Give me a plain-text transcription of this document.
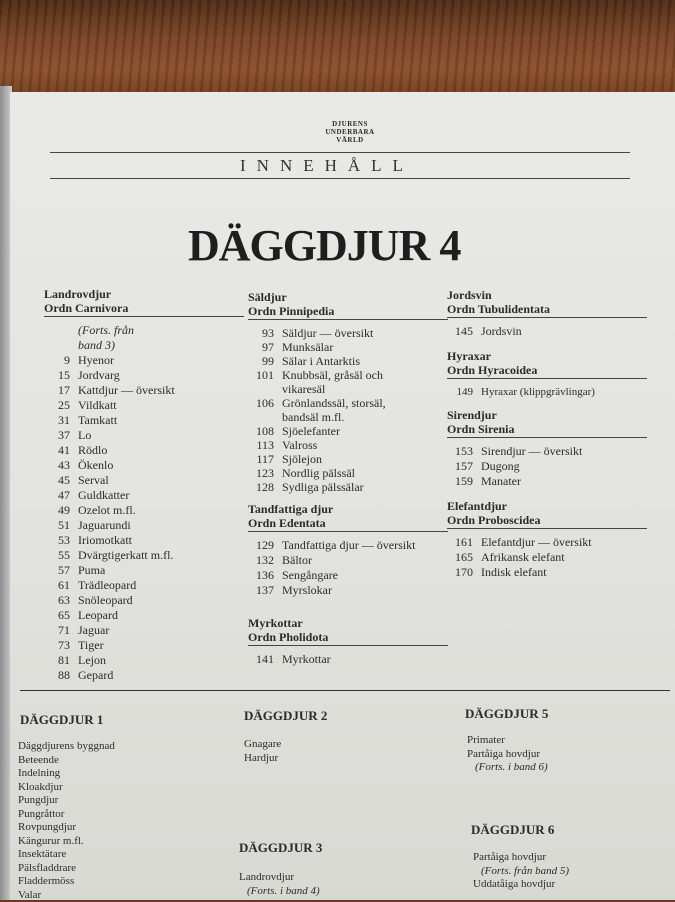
DJURENS
UNDERBARA
VÄRLD
INNEHÅLL
DÄGGDJUR 4
Landrovdjur
Ordn Carnivora
(Forts. från
band 3)
9 Hyenor
15 Jordvarg
17 Kattdjur — översikt
25 Vildkatt
31 Tamkatt
37 Lo
41 Rödlo
43 Ökenlo
45 Serval
47 Guldkatter
49 Ozelot m.fl.
51 Jaguarundi
53 Iriomotkatt
55 Dvärgtigerkatt m.fl.
57 Puma
61 Trädleopard
63 Snöleopard
65 Leopard
71 Jaguar
73 Tiger
81 Lejon
88 Gepard
Säldjur
Ordn Pinnipedia
93 Säldjur — översikt
97 Munksälar
99 Sälar i Antarktis
101 Knubbsäl, gråsäl och
vikaresäl
106 Grönlandssäl, storsäl,
bandsäl m.fl.
108 Sjöelefanter
113 Valross
117 Sjölejon
123 Nordlig pälssäl
128 Sydliga pälssälar
Tandfattiga djur
Ordn Edentata
129 Tandfattiga djur — översikt
132 Bältor
136 Sengångare
137 Myrslokar
Myrkottar
Ordn Pholidota
141 Myrkottar
Jordsvin
Ordn Tubulidentata
145 Jordsvin
Hyraxar
Ordn Hyracoidea
149 Hyraxar (klippgrävlingar)
Sirendjur
Ordn Sirenia
153 Sirendjur — översikt
157 Dugong
159 Manater
Elefantdjur
Ordn Proboscidea
161 Elefantdjur — översikt
165 Afrikansk elefant
170 Indisk elefant
DÄGGDJUR 1
Däggdjurens byggnad
Beteende
Indelning
Kloakdjur
Pungdjur
Pungråttor
Rovpungdjur
Kängurur m.fl.
Insektätare
Pälsfladdrare
Fladdermöss
Valar
DÄGGDJUR 2
Gnagare
Hardjur
DÄGGDJUR 3
Landrovdjur
(Forts. i band 4)
DÄGGDJUR 5
Primater
Partåiga hovdjur
(Forts. i band 6)
DÄGGDJUR 6
Partåiga hovdjur
(Forts. från band 5)
Uddatåiga hovdjur
